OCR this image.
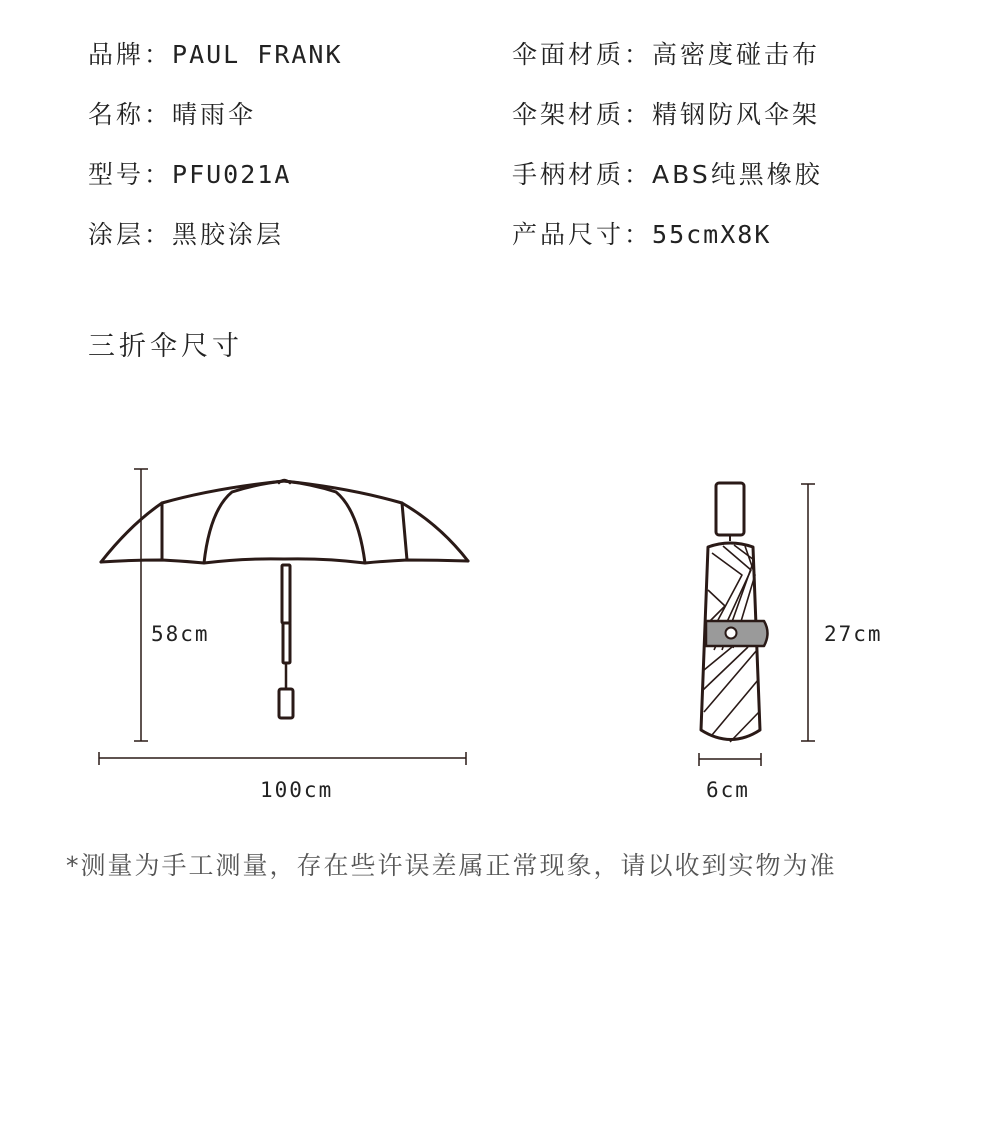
品牌：PAUL FRANK
名称：晴雨伞
型号：PFU021A
涂层：黑胶涂层
伞面材质：高密度碰击布
伞架材质：精钢防风伞架
手柄材质：ABS纯黑橡胶
产品尺寸：55cmX8K
三折伞尺寸
58cm
100cm
27cm
6cm
*测量为手工测量，存在些许误差属正常现象，请以收到实物为准
